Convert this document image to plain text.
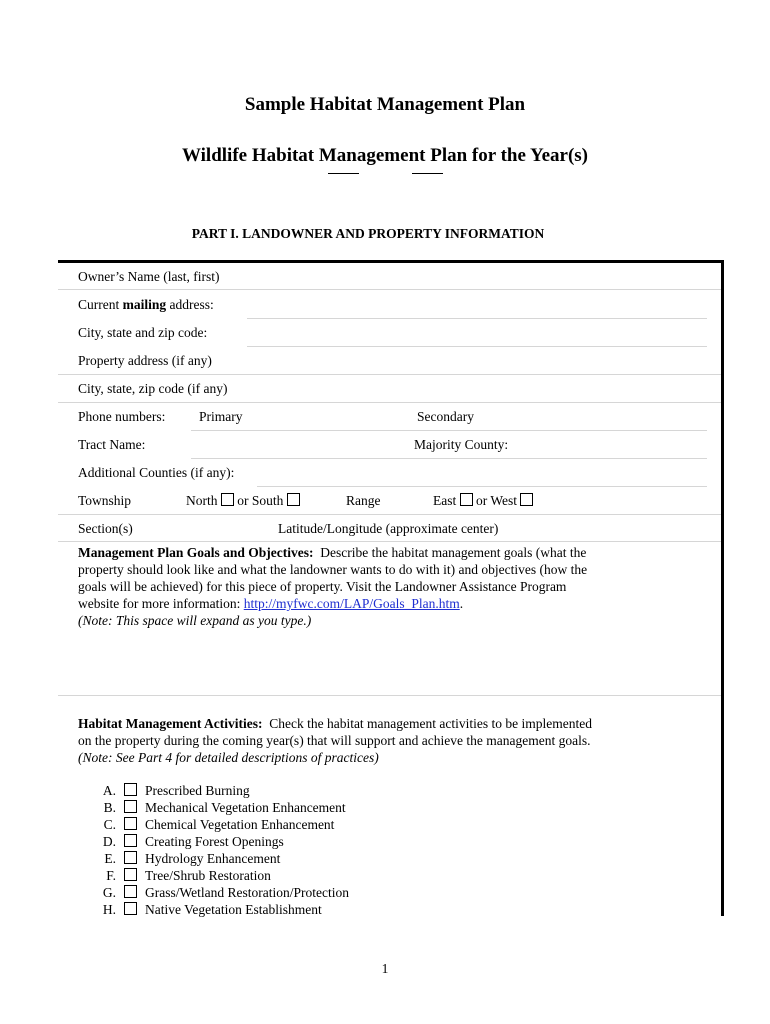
Sample Habitat Management Plan
Wildlife Habitat Management Plan for the Year(s)
PART I. LANDOWNER AND PROPERTY INFORMATION
Owner’s Name (last, first)
Current mailing address:
City, state and zip code:
Property address (if any)
City, state, zip code (if any)
Phone numbers: Primary	Secondary
Tract Name:	Majority County:
Additional Counties (if any):
Township	North or South	Range	East or West
Section(s)	Latitude/Longitude (approximate center)
Management Plan Goals and Objectives: Describe the habitat management goals (what the
property should look like and what the landowner wants to do with it) and objectives (how the
goals will be achieved) for this piece of property. Visit the Landowner Assistance Program
website for more information: http://myfwc.com/LAP/Goals_Plan.htm.
(Note: This space will expand as you type.)
Habitat Management Activities: Check the habitat management activities to be implemented
on the property during the coming year(s) that will support and achieve the management goals.
(Note: See Part 4 for detailed descriptions of practices)
A. Prescribed Burning
B. Mechanical Vegetation Enhancement
C. Chemical Vegetation Enhancement
D. Creating Forest Openings
E. Hydrology Enhancement
F. Tree/Shrub Restoration
G. Grass/Wetland Restoration/Protection
H. Native Vegetation Establishment
1
